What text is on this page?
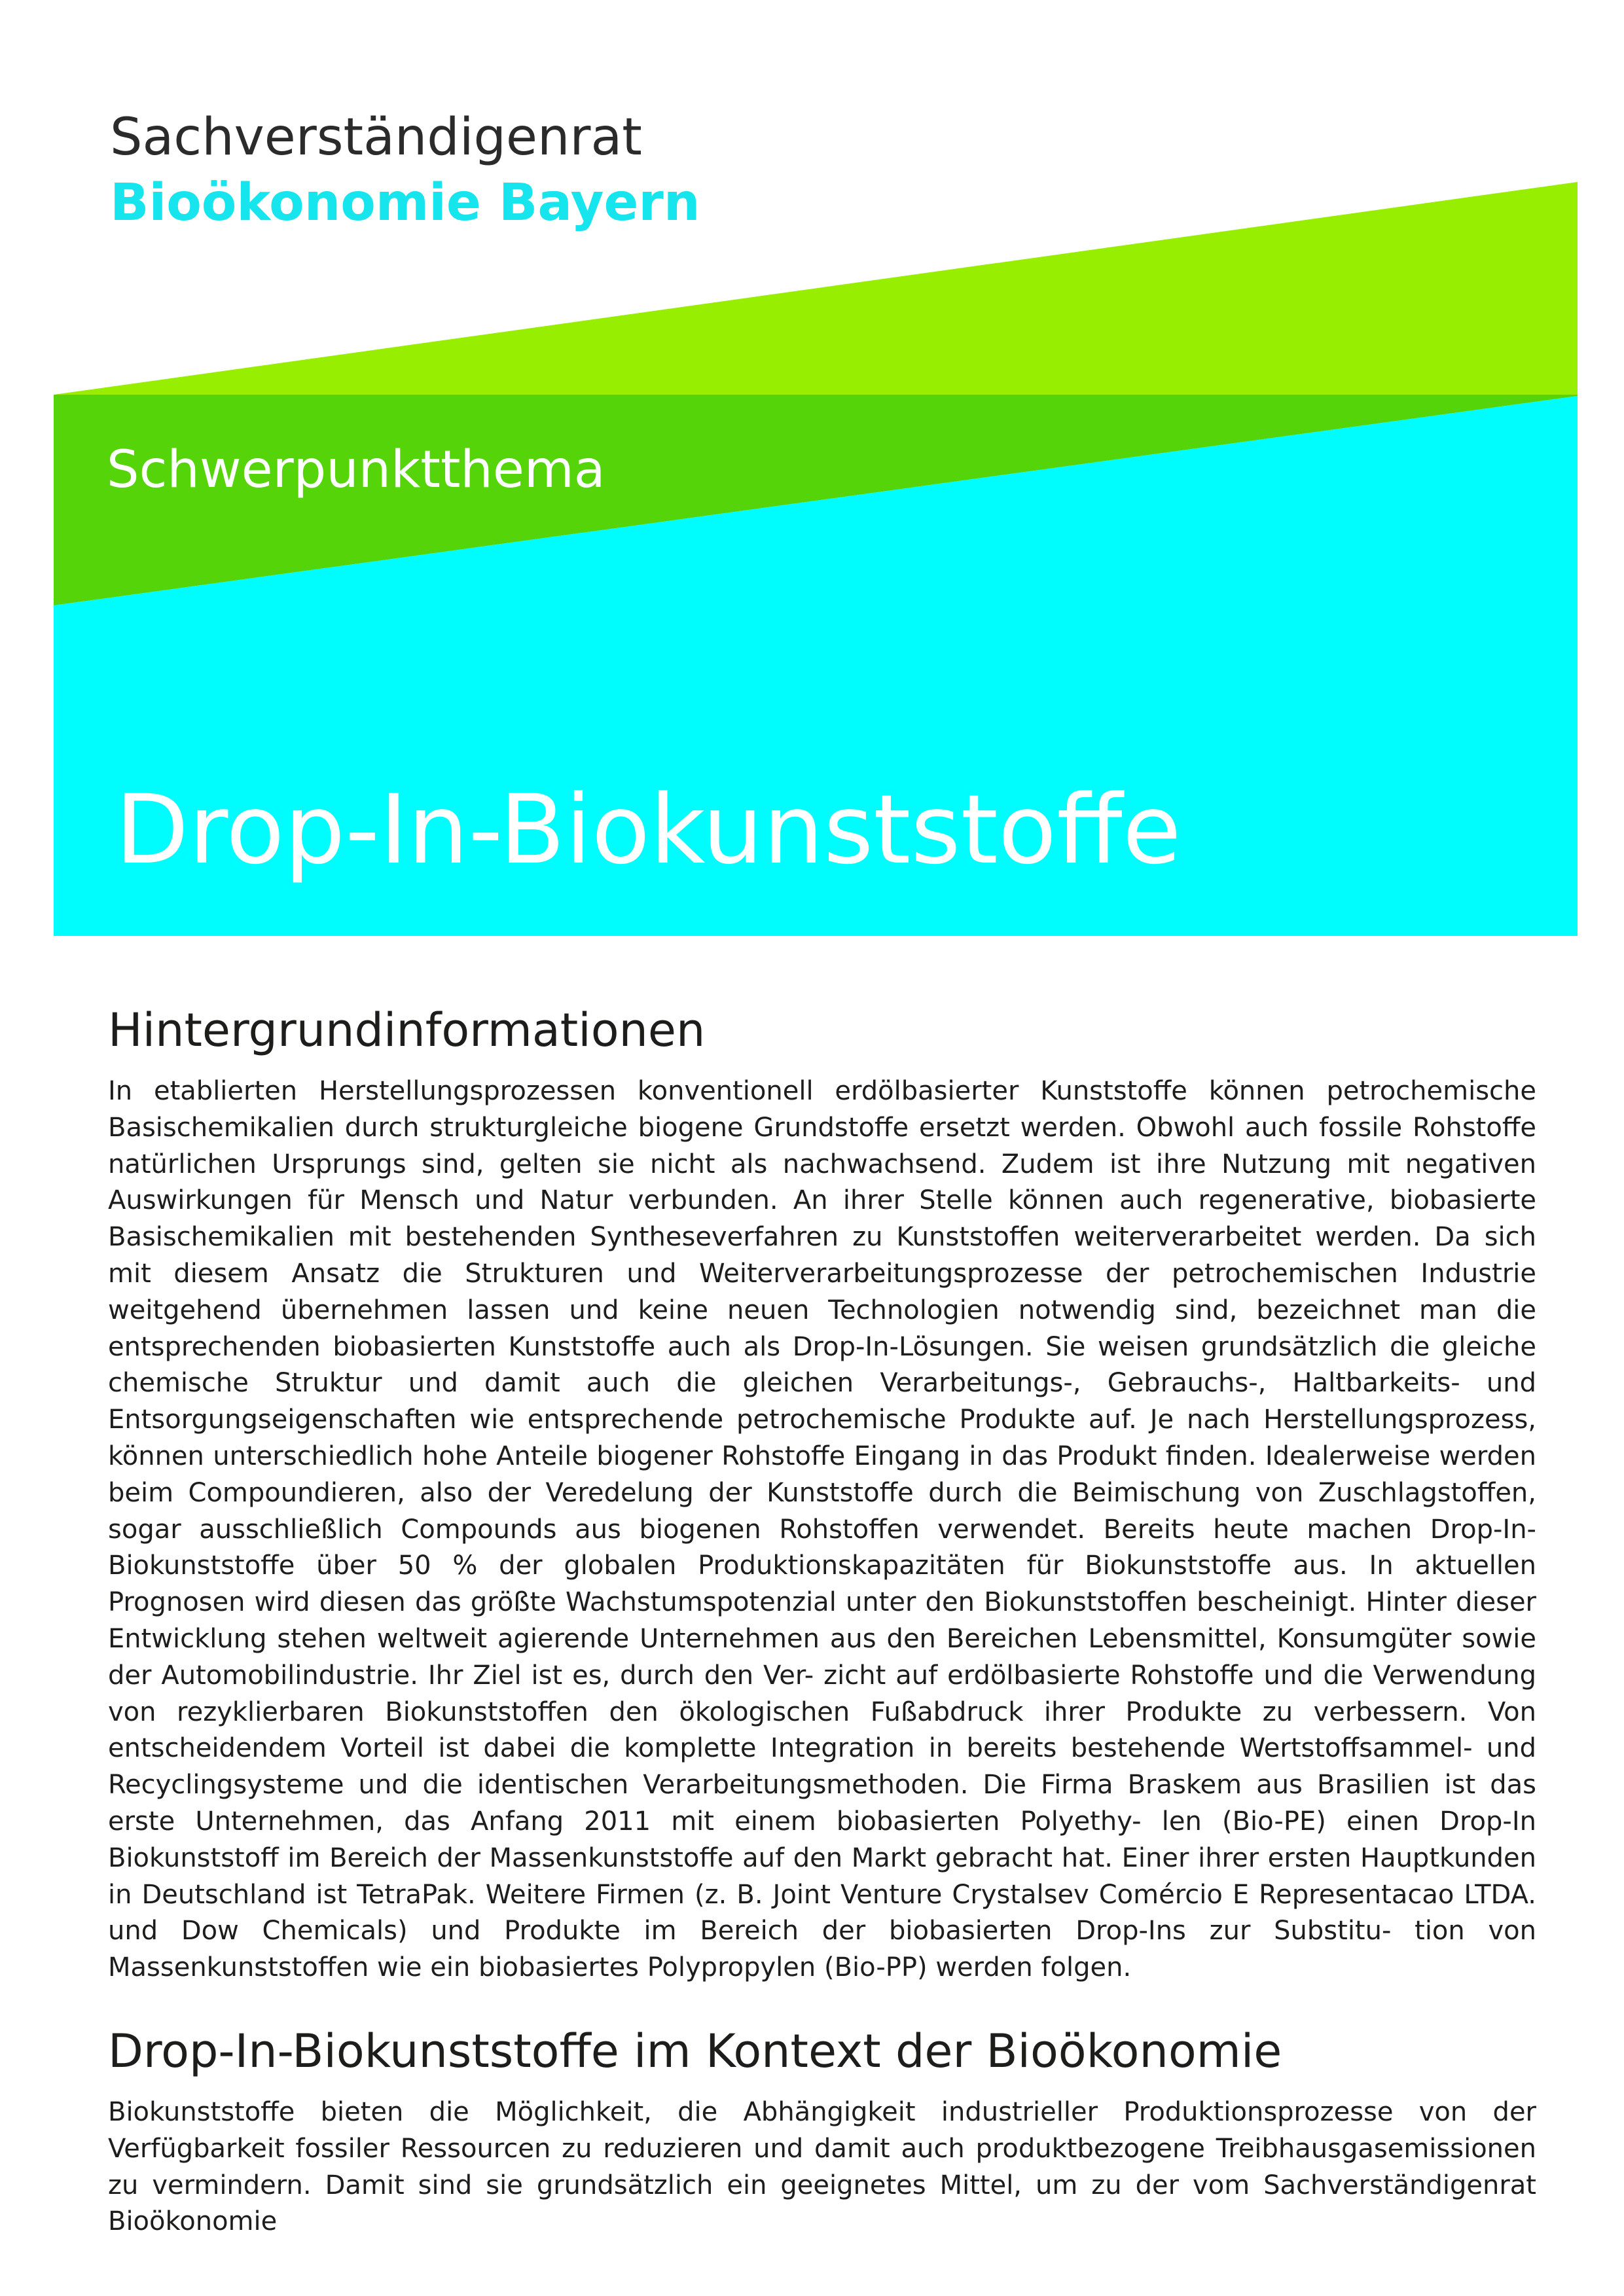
Sachverständigenrat
Bioökonomie Bayern
Schwerpunktthema
Drop-In-Biokunststoffe
Hintergrundinformationen

In etablierten Herstellungsprozessen konventionell erdölbasierter Kunststoffe können petrochemische Basischemikalien durch strukturgleiche biogene Grundstoffe ersetzt werden. Obwohl auch fossile Rohstoffe natürlichen Ursprungs sind, gelten sie nicht als nachwachsend. Zudem ist ihre Nutzung mit negativen Auswirkungen für Mensch und Natur verbunden. An ihrer Stelle können auch regenerative, biobasierte Basischemikalien mit bestehenden Syntheseverfahren zu Kunststoffen weiterverarbeitet werden. Da sich mit diesem Ansatz die Strukturen und Weiterverarbeitungsprozesse der petrochemischen Industrie weitgehend übernehmen lassen und keine neuen Technologien notwendig sind, bezeichnet man die entsprechenden biobasierten Kunststoffe auch als Drop-In-Lösungen. Sie weisen grundsätzlich die gleiche chemische Struktur und damit auch die gleichen Verarbeitungs-, Gebrauchs-, Haltbarkeits- und Entsorgungseigenschaften wie entsprechende petrochemische Produkte auf. Je nach Herstellungsprozess, können unterschiedlich hohe Anteile biogener Rohstoffe Eingang in das Produkt finden. Idealerweise werden beim Compoundieren, also der Veredelung der Kunststoffe durch die Beimischung von Zuschlagstoffen, sogar ausschließlich Compounds aus biogenen Rohstoffen verwendet. Bereits heute machen Drop-In-Biokunststoffe über 50 % der globalen Produktionskapazitäten für Biokunststoffe aus. In aktuellen Prognosen wird diesen das größte Wachstumspotenzial unter den Biokunststoffen bescheinigt. Hinter dieser Entwicklung stehen weltweit agierende Unternehmen aus den Bereichen Lebensmittel, Konsumgüter sowie der Automobilindustrie. Ihr Ziel ist es, durch den Ver- zicht auf erdölbasierte Rohstoffe und die Verwendung von rezyklierbaren Biokunststoffen den ökologischen Fußabdruck ihrer Produkte zu verbessern. Von entscheidendem Vorteil ist dabei die komplette Integration in bereits bestehende Wertstoffsammel- und Recyclingsysteme und die identischen Verarbeitungsmethoden. Die Firma Braskem aus Brasilien ist das erste Unternehmen, das Anfang 2011 mit einem biobasierten Polyethy- len (Bio-PE) einen Drop-In Biokunststoff im Bereich der Massenkunststoffe auf den Markt gebracht hat. Einer ihrer ersten Hauptkunden in Deutschland ist TetraPak. Weitere Firmen (z. B. Joint Venture Crystalsev Comércio E Representacao LTDA. und Dow Chemicals) und Produkte im Bereich der biobasierten Drop-Ins zur Substitu- tion von Massenkunststoffen wie ein biobasiertes Polypropylen (Bio-PP) werden folgen.

Drop-In-Biokunststoffe im Kontext der Bioökonomie

Biokunststoffe bieten die Möglichkeit, die Abhängigkeit industrieller Produktionsprozesse von der Verfügbarkeit fossiler Ressourcen zu reduzieren und damit auch produktbezogene Treibhausgasemissionen zu vermindern. Damit sind sie grundsätzlich ein geeignetes Mittel, um zu der vom Sachverständigenrat Bioökonomie
